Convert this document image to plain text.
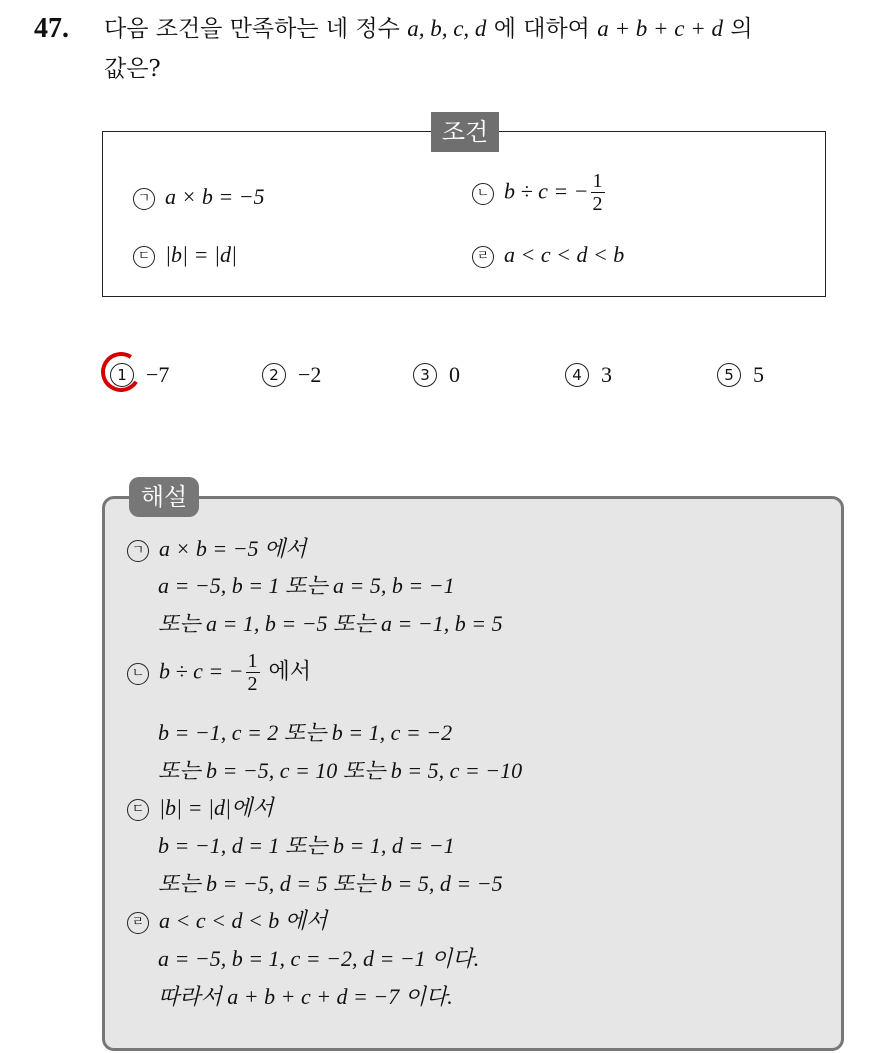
47. 다음 조건을 만족하는 네 정수 a, b, c, d 에 대하여 a + b + c + d 의
값은?
조건
ㄱ a × b = −5	ㄴ b ÷ c = − $\frac{1}{2}$
ㄷ |b| = |d|	ㄹ a < c < d < b
1 −7	2 −2	3 0	4 3	5 5
해설
ㄱ a × b = −5 에서
a = −5, b = 1 또는 a = 5, b = −1
또는 a = 1, b = −5 또는 a = −1, b = 5
ㄴ b ÷ c = − $\frac{1}{2}$ 에서
b = −1, c = 2 또는 b = 1, c = −2
또는 b = −5, c = 10 또는 b = 5, c = −10
ㄷ |b| = |d|에서
b = −1, d = 1 또는 b = 1, d = −1
또는 b = −5, d = 5 또는 b = 5, d = −5
ㄹ a < c < d < b 에서
a = −5, b = 1, c = −2, d = −1 이다.
따라서 a + b + c + d = −7 이다.
